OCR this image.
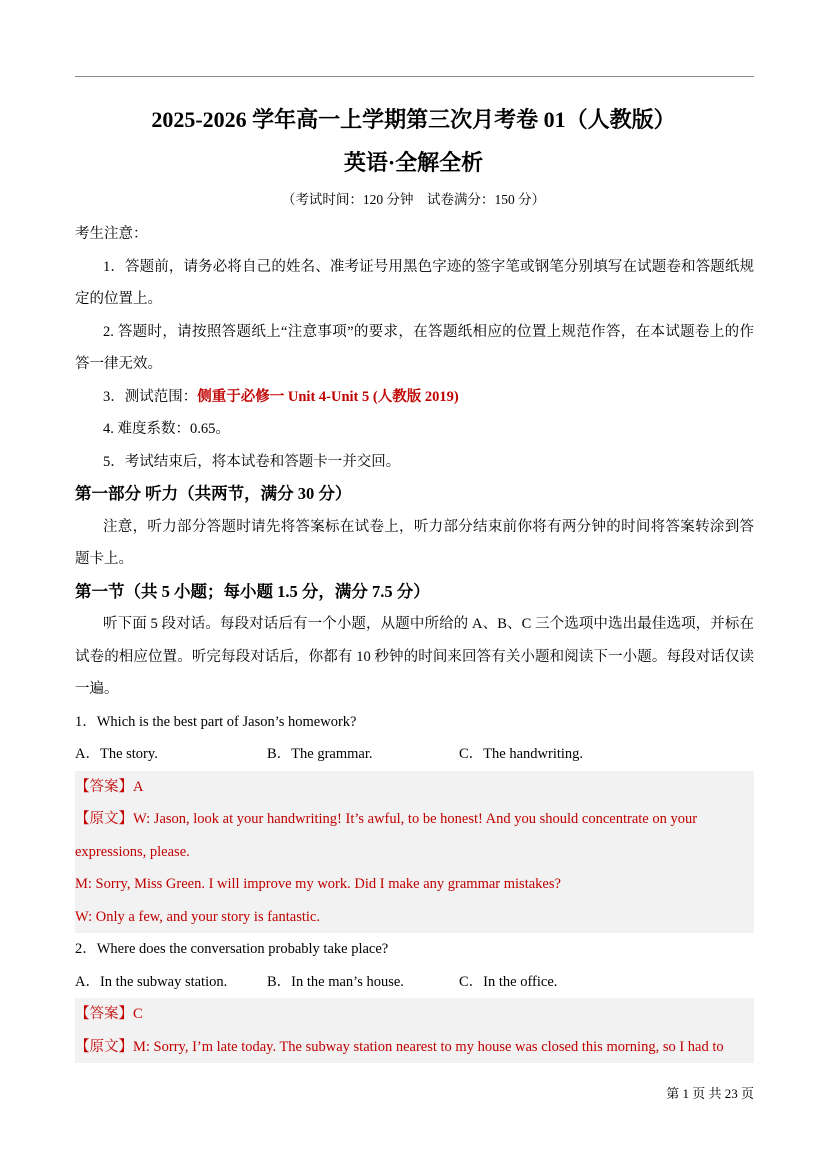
2025-2026 学年高一上学期第三次月考卷 01（人教版）
英语·全解全析
（考试时间：120 分钟　试卷满分：150 分）
考生注意：
1．答题前，请务必将自己的姓名、准考证号用黑色字迹的签字笔或钢笔分别填写在试题卷和答题纸规
定的位置上。
2. 答题时，请按照答题纸上“注意事项”的要求，在答题纸相应的位置上规范作答，在本试题卷上的作
答一律无效。
3．测试范围：侧重于必修一 Unit 4-Unit 5 (人教版 2019)
4. 难度系数：0.65。
5．考试结束后，将本试卷和答题卡一并交回。
第一部分 听力（共两节，满分 30 分）
注意，听力部分答题时请先将答案标在试卷上，听力部分结束前你将有两分钟的时间将答案转涂到答
题卡上。
第一节（共 5 小题；每小题 1.5 分，满分 7.5 分）
听下面 5 段对话。每段对话后有一个小题，从题中所给的 A、B、C 三个选项中选出最佳选项，并标在
试卷的相应位置。听完每段对话后，你都有 10 秒钟的时间来回答有关小题和阅读下一小题。每段对话仅读
一遍。
1．Which is the best part of Jason’s homework?
A．The story.	B．The grammar.	C．The handwriting.
【答案】A
【原文】W: Jason, look at your handwriting! It’s awful, to be honest! And you should concentrate on your
expressions, please.
M: Sorry, Miss Green. I will improve my work. Did I make any grammar mistakes?
W: Only a few, and your story is fantastic.
2．Where does the conversation probably take place?
A．In the subway station.	B．In the man’s house.	C．In the office.
【答案】C
【原文】M: Sorry, I’m late today. The subway station nearest to my house was closed this morning, so I had to
第 1 页 共 23 页
